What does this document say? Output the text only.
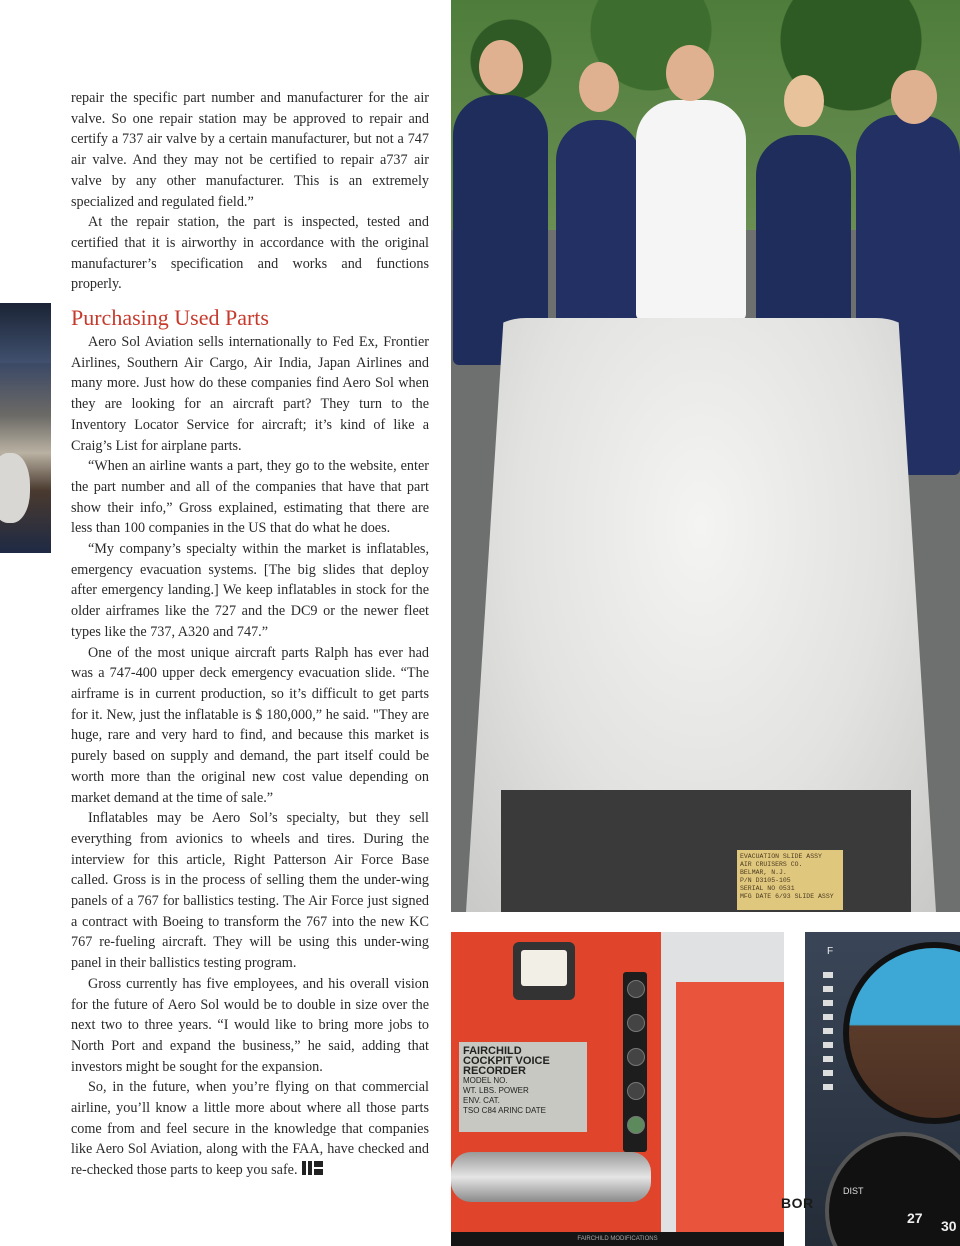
repair the specific part number and manufacturer for the air valve. So one repair station may be approved to repair and certify a 737 air valve by a certain manufacturer, but not a 747 air valve. And they may not be certified to repair a737 air valve by any other manufacturer. This is an extremely specialized and regulated field.”

At the repair station, the part is inspected, tested and certified that it is airworthy in accordance with the original manufacturer’s specification and works and functions properly.

Purchasing Used Parts

Aero Sol Aviation sells internationally to Fed Ex, Frontier Airlines, Southern Air Cargo, Air India, Japan Airlines and many more. Just how do these companies find Aero Sol when they are looking for an aircraft part? They turn to the Inventory Locator Service for aircraft; it’s kind of like a Craig’s List for airplane parts.

“When an airline wants a part, they go to the website, enter the part number and all of the companies that have that part show their info,” Gross explained, estimating that there are less than 100 companies in the US that do what he does.

“My company’s specialty within the market is inflatables, emergency evacuation systems. [The big slides that deploy after emergency landing.] We keep inflatables in stock for the older airframes like the 727 and the DC9 or the newer fleet types like the 737, A320 and 747.”

One of the most unique aircraft parts Ralph has ever had was a 747-400 upper deck emergency evacuation slide. “The airframe is in current production, so it’s difficult to get parts for it. New, just the inflatable is $ 180,000,” he said. "They are huge, rare and very hard to find, and because this market is purely based on supply and demand, the part itself could be worth more than the original new cost value depending on market demand at the time of sale.”

Inflatables may be Aero Sol’s specialty, but they sell everything from avionics to wheels and tires. During the interview for this article, Right Patterson Air Force Base called. Gross is in the process of selling them the under-wing panels of a 767 for ballistics testing. The Air Force just signed a contract with Boeing to transform the 767 into the new KC 767 re-fueling aircraft. They will be using this under-wing panel in their ballistics testing program.

Gross currently has five employees, and his overall vision for the future of Aero Sol would be to double in size over the next two to three years. “I would like to bring more jobs to North Port and expand the business,” he said, adding that investors might be sought for the expansion.

So, in the future, when you’re flying on that commercial airline, you’ll know a little more about where all those parts come from and feel secure in the knowledge that companies like Aero Sol Aviation, along with the FAA, have checked and re-checked those parts to keep you safe.

EVACUATION SLIDE ASSY
AIR CRUISERS CO.
BELMAR, N.J.
P/N D3105-105
SERIAL NO 0531
MFG DATE 6/93 SLIDE ASSY
FAIRCHILD
COCKPIT VOICE RECORDER
MODEL NO.
WT. LBS. POWER
ENV. CAT.
TSO C84 ARINC DATE
FAIRCHILD MODIFICATIONS
F
27 30
DIST
BOR
